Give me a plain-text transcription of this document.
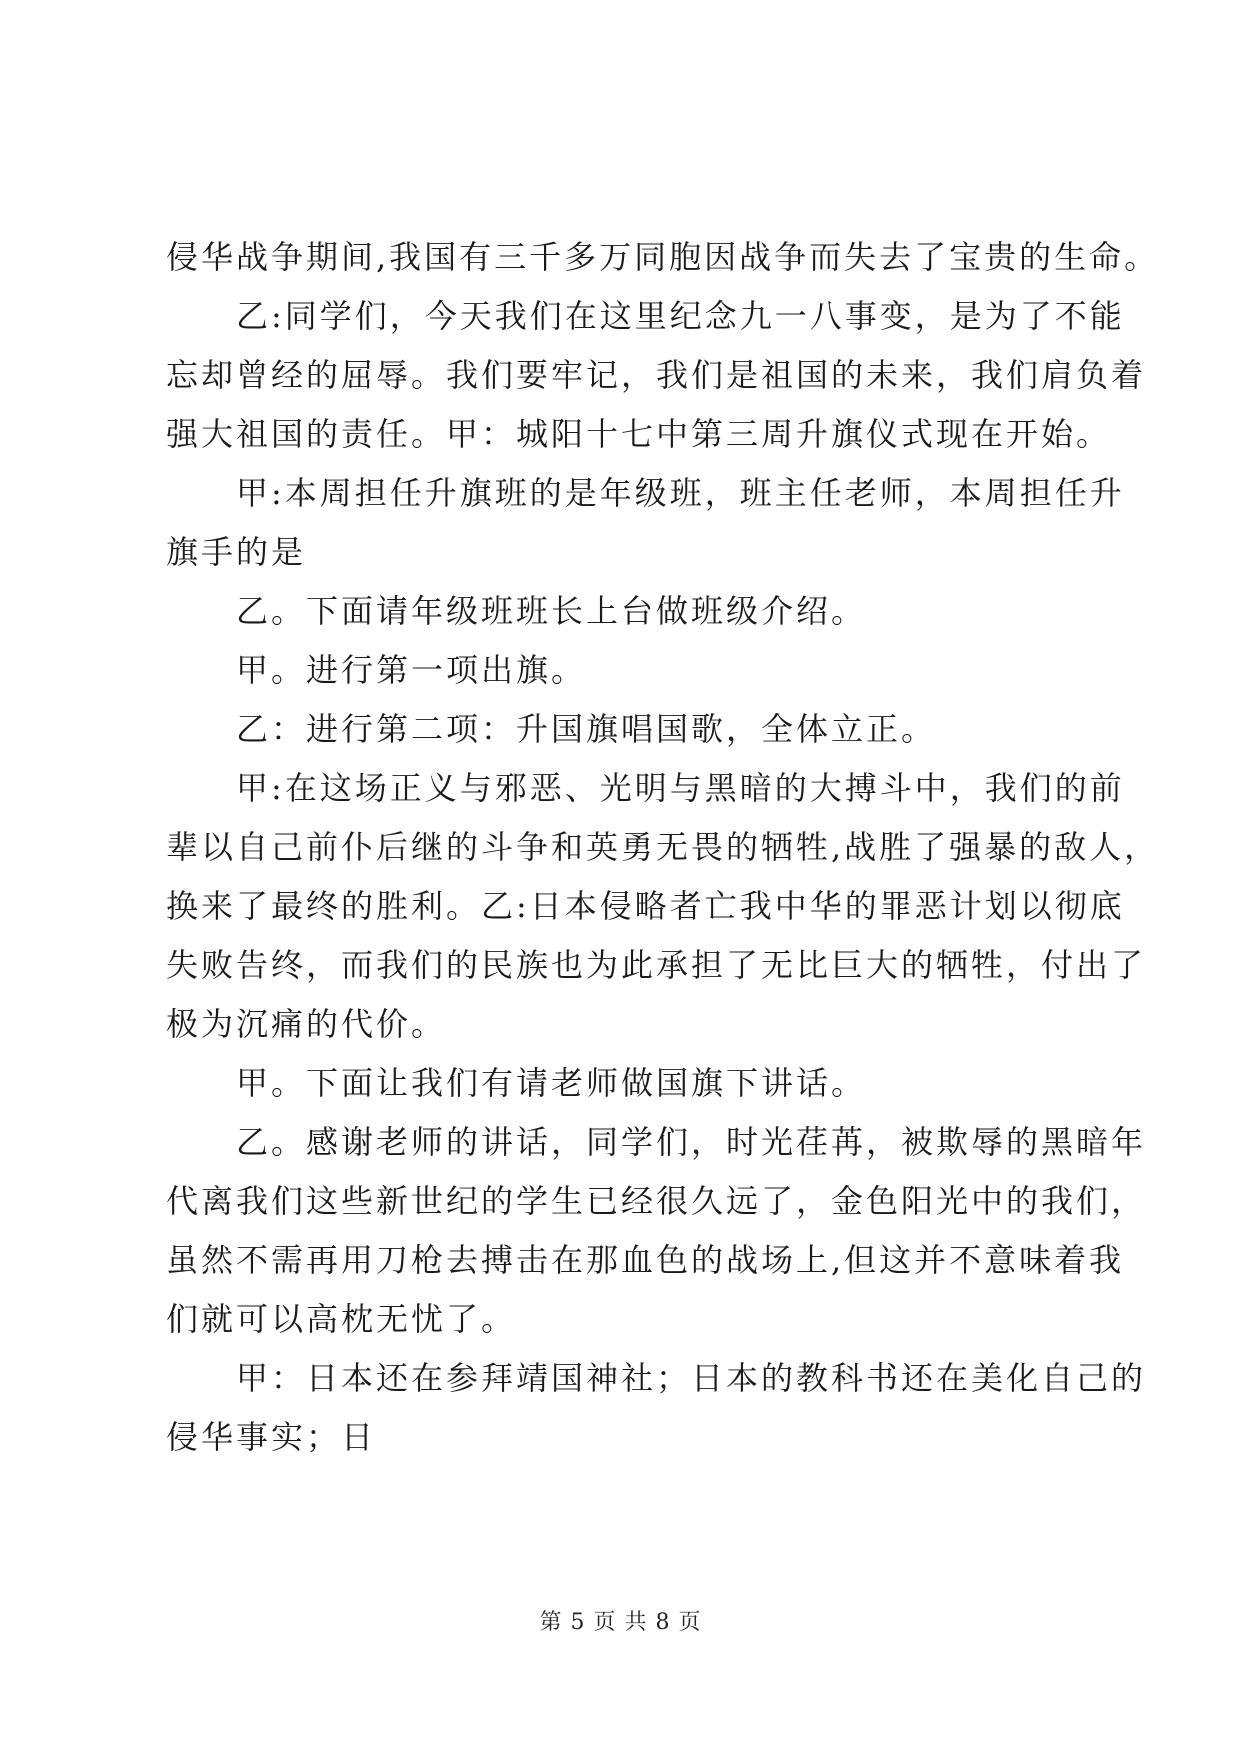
侵华战争期间,我国有三千多万同胞因战争而失去了宝贵的生命。

乙:同学们，今天我们在这里纪念九一八事变，是为了不能

忘却曾经的屈辱。我们要牢记，我们是祖国的未来，我们肩负着

强大祖国的责任。甲：城阳十七中第三周升旗仪式现在开始。

甲:本周担任升旗班的是年级班，班主任老师，本周担任升

旗手的是

乙。下面请年级班班长上台做班级介绍。

甲。进行第一项出旗。

乙：进行第二项：升国旗唱国歌，全体立正。

甲:在这场正义与邪恶、光明与黑暗的大搏斗中，我们的前

辈以自己前仆后继的斗争和英勇无畏的牺牲,战胜了强暴的敌人，

换来了最终的胜利。乙:日本侵略者亡我中华的罪恶计划以彻底

失败告终，而我们的民族也为此承担了无比巨大的牺牲，付出了

极为沉痛的代价。

甲。下面让我们有请老师做国旗下讲话。

乙。感谢老师的讲话，同学们，时光荏苒，被欺辱的黑暗年

代离我们这些新世纪的学生已经很久远了，金色阳光中的我们，

虽然不需再用刀枪去搏击在那血色的战场上,但这并不意味着我

们就可以高枕无忧了。

甲：日本还在参拜靖国神社；日本的教科书还在美化自己的

侵华事实；日

第 5 页 共 8 页
